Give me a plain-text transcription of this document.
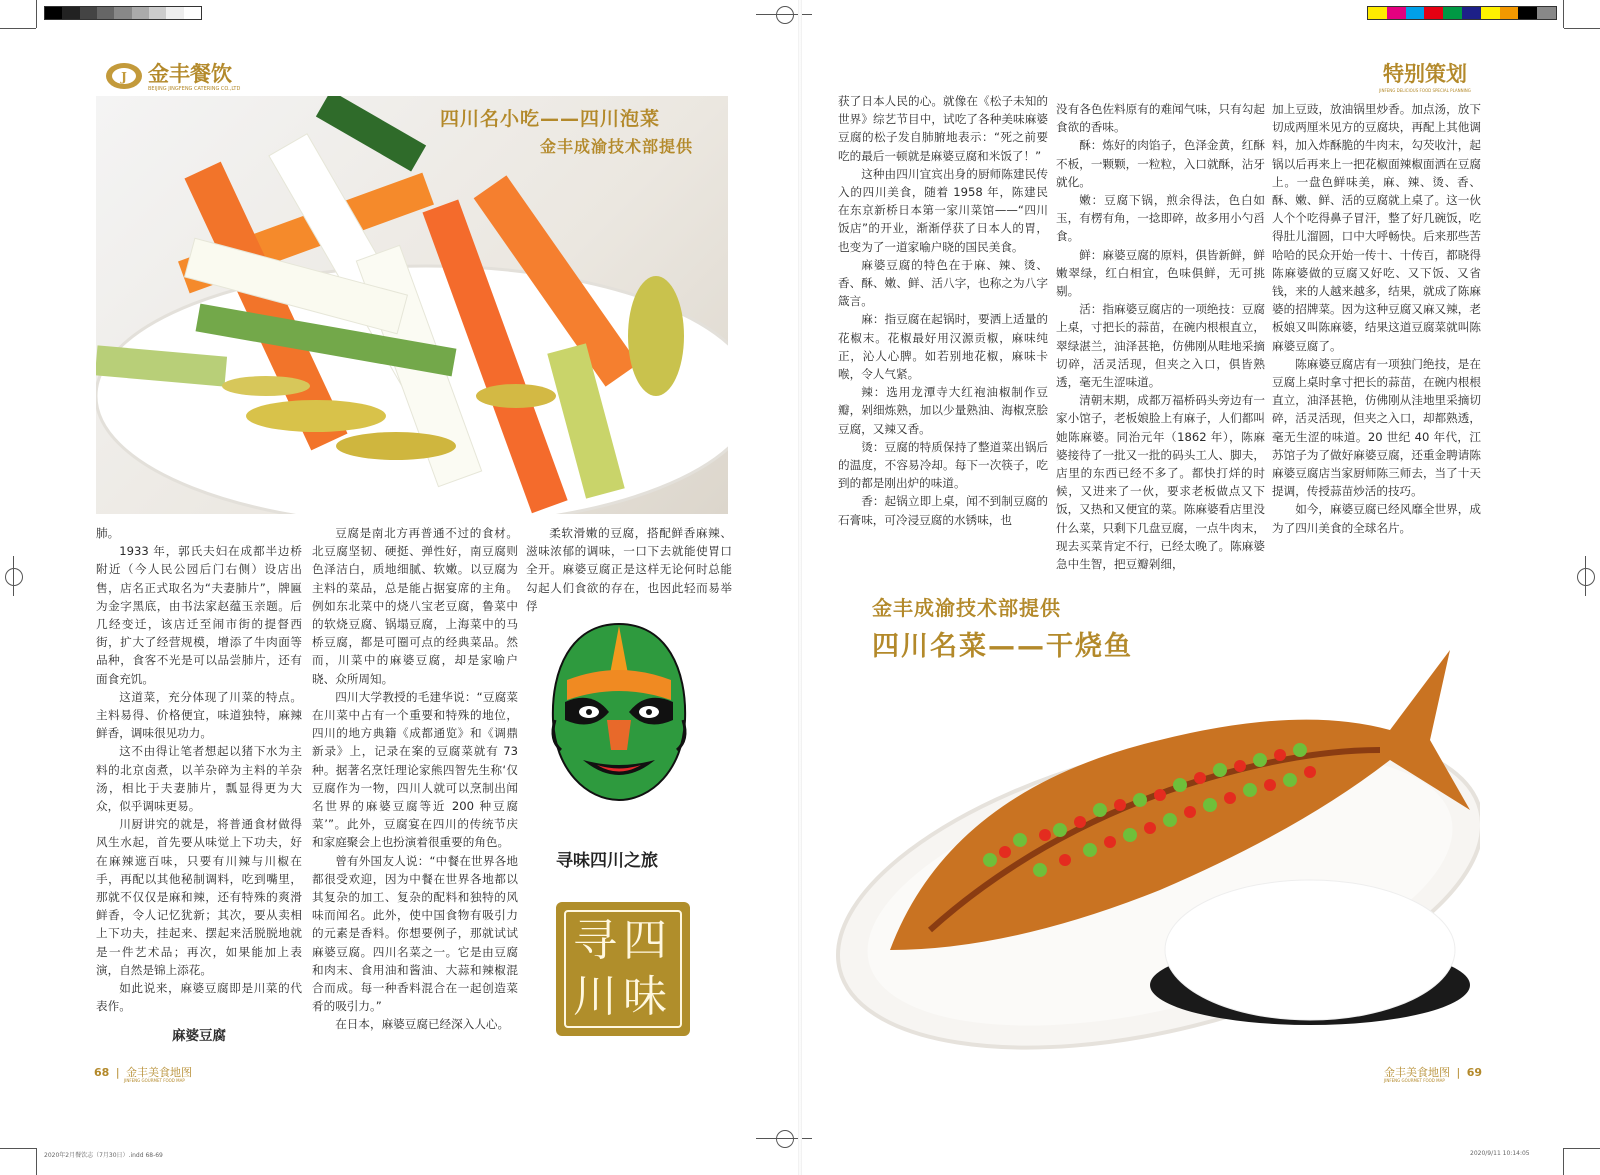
J 金丰餐饮
BEIJING JINGFENG CATERING CO.,LTD
特别策划
JINFENG DELICIOUS FOOD SPECIAL PLANNING
四川名小吃——四川泡菜
金丰成渝技术部提供

肺。

1933 年，郭氏夫妇在成都半边桥附近（今人民公园后门右侧）设店出售，店名正式取名为“夫妻肺片”，牌匾为金字黑底，由书法家赵蕴玉亲题。后几经变迁，该店迁至闹市街的提督西街，扩大了经营规模，增添了牛肉面等品种，食客不光是可以品尝肺片，还有面食充饥。

这道菜，充分体现了川菜的特点。主料易得、价格便宜，味道独特，麻辣鲜香，调味很见功力。

这不由得让笔者想起以猪下水为主料的北京卤煮，以羊杂碎为主料的羊杂汤，相比于夫妻肺片，瓢显得更为大众，似乎调味更易。

川厨讲究的就是，将普通食材做得风生水起，首先要从味觉上下功夫，好在麻辣遮百味，只要有川辣与川椒在手，再配以其他秘制调料，吃到嘴里，那就不仅仅是麻和辣，还有特殊的爽滑鲜香，令人记忆犹新；其次，要从卖相上下功夫，挂起来、摆起来活脱脱地就是一件艺术品；再次，如果能加上表演，自然是锦上添花。

如此说来，麻婆豆腐即是川菜的代表作。

麻婆豆腐

豆腐是南北方再普通不过的食材。北豆腐坚韧、硬挺、弹性好，南豆腐则色泽洁白，质地细腻、软嫩。以豆腐为主料的菜品，总是能占据宴席的主角。例如东北菜中的烧八宝老豆腐，鲁菜中的软烧豆腐、锅塌豆腐，上海菜中的马桥豆腐，都是可圈可点的经典菜品。然而，川菜中的麻婆豆腐，却是家喻户晓、众所周知。

四川大学教授的毛建华说：“豆腐菜在川菜中占有一个重要和特殊的地位，四川的地方典籍《成都通览》和《调鼎新录》上，记录在案的豆腐菜就有 73 种。据著名烹饪理论家熊四智先生称‘仅豆腐作为一物，四川人就可以烹制出闻名世界的麻婆豆腐等近 200 种豆腐菜’”。此外，豆腐宴在四川的传统节庆和家庭聚会上也扮演着很重要的角色。

曾有外国友人说：“中餐在世界各地都很受欢迎，因为中餐在世界各地都以其复杂的加工、复杂的配料和独特的风味而闻名。此外，使中国食物有吸引力的元素是香料。你想要例子，那就试试麻婆豆腐。四川名菜之一。它是由豆腐和肉末、食用油和酱油、大蒜和辣椒混合而成。每一种香料混合在一起创造菜肴的吸引力。”

在日本，麻婆豆腐已经深入人心。

柔软滑嫩的豆腐，搭配鲜香麻辣、滋味浓郁的调味，一口下去就能使胃口全开。麻婆豆腐正是这样无论何时总能勾起人们食欲的存在，也因此轻而易举俘

寻味四川之旅
寻四川味

获了日本人民的心。就像在《松子未知的世界》综艺节目中，试吃了各种美味麻婆豆腐的松子发自肺腑地表示：“死之前要吃的最后一顿就是麻婆豆腐和米饭了！”

这种由四川宜宾出身的厨师陈建民传入的四川美食，随着 1958 年，陈建民在东京新桥日本第一家川菜馆——“四川饭店”的开业，渐渐俘获了日本人的胃，也变为了一道家喻户晓的国民美食。

麻婆豆腐的特色在于麻、辣、烫、香、酥、嫩、鲜、活八字，也称之为八字箴言。

麻：指豆腐在起锅时，要洒上适量的花椒末。花椒最好用汉源贡椒，麻味纯正，沁人心脾。如若别地花椒，麻味卡喉，令人气紧。

辣：选用龙潭寺大红袍油椒制作豆瓣，剁细炼熟，加以少量熟油、海椒烹脍豆腐，又辣又香。

烫：豆腐的特质保持了整道菜出锅后的温度，不容易冷却。每下一次筷子，吃到的都是刚出炉的味道。

香：起锅立即上桌，闻不到制豆腐的石膏味，可冷浸豆腐的水锈味，也

没有各色佐料原有的难闻气味，只有勾起食欲的香味。

酥：炼好的肉馅子，色泽金黄，红酥不板，一颗颗，一粒粒，入口就酥，沾牙就化。

嫩：豆腐下锅，煎余得法，色白如玉，有楞有角，一捻即碎，故多用小勺舀食。

鲜：麻婆豆腐的原料，俱皆新鲜，鲜嫩翠绿，红白相宜，色味俱鲜，无可挑剔。

活：指麻婆豆腐店的一项绝技：豆腐上桌，寸把长的蒜苗，在碗内根根直立，翠绿湛兰，油泽甚艳，仿佛刚从畦地采摘切碎，活灵活现，但夹之入口，俱皆熟透，毫无生涩味道。

清朝末期，成都万福桥码头旁边有一家小馆子，老板娘脸上有麻子，人们都叫她陈麻婆。同治元年（1862 年），陈麻婆接待了一批又一批的码头工人、脚夫，店里的东西已经不多了。都快打烊的时候，又进来了一伙，要求老板做点又下饭，又热和又便宜的菜。陈麻婆看店里没什么菜，只剩下几盘豆腐，一点牛肉末，现去买菜肯定不行，已经太晚了。陈麻婆急中生智，把豆瓣剁细，

加上豆豉，放油锅里炒香。加点汤，放下切成两厘米见方的豆腐块，再配上其他调料，加入炸酥脆的牛肉末，勾芡收汁，起锅以后再来上一把花椒面辣椒面洒在豆腐上。一盘色鲜味美，麻、辣、烫、香、酥、嫩、鲜、活的豆腐就上桌了。这一伙人个个吃得鼻子冒汗，整了好几碗饭，吃得肚儿溜圆，口中大呼畅快。后来那些苦哈哈的民众开始一传十、十传百，都晓得陈麻婆做的豆腐又好吃、又下饭、又省钱，来的人越来越多，结果，就成了陈麻婆的招牌菜。因为这种豆腐又麻又辣，老板娘又叫陈麻婆，结果这道豆腐菜就叫陈麻婆豆腐了。

陈麻婆豆腐店有一项独门绝技，是在豆腐上桌时拿寸把长的蒜苗，在碗内根根直立，油泽甚艳，仿佛刚从洼地里采摘切碎，活灵活现，但夹之入口，却都熟透，毫无生涩的味道。20 世纪 40 年代，江苏馆子为了做好麻婆豆腐，还重金聘请陈麻婆豆腐店当家厨师陈三师去，当了十天提调，传授蒜苗炒活的技巧。

如今，麻婆豆腐已经风靡全世界，成为了四川美食的全球名片。

金丰成渝技术部提供
四川名菜——干烧鱼
68 | 金丰美食地图
JINFENG GOURMET FOOD MAP
金丰美食地图 | 69
JINFENG GOURMET FOOD MAP
2020年2月餐饮志（7月30日）.indd 68-69	2020/9/11 10:14:05
